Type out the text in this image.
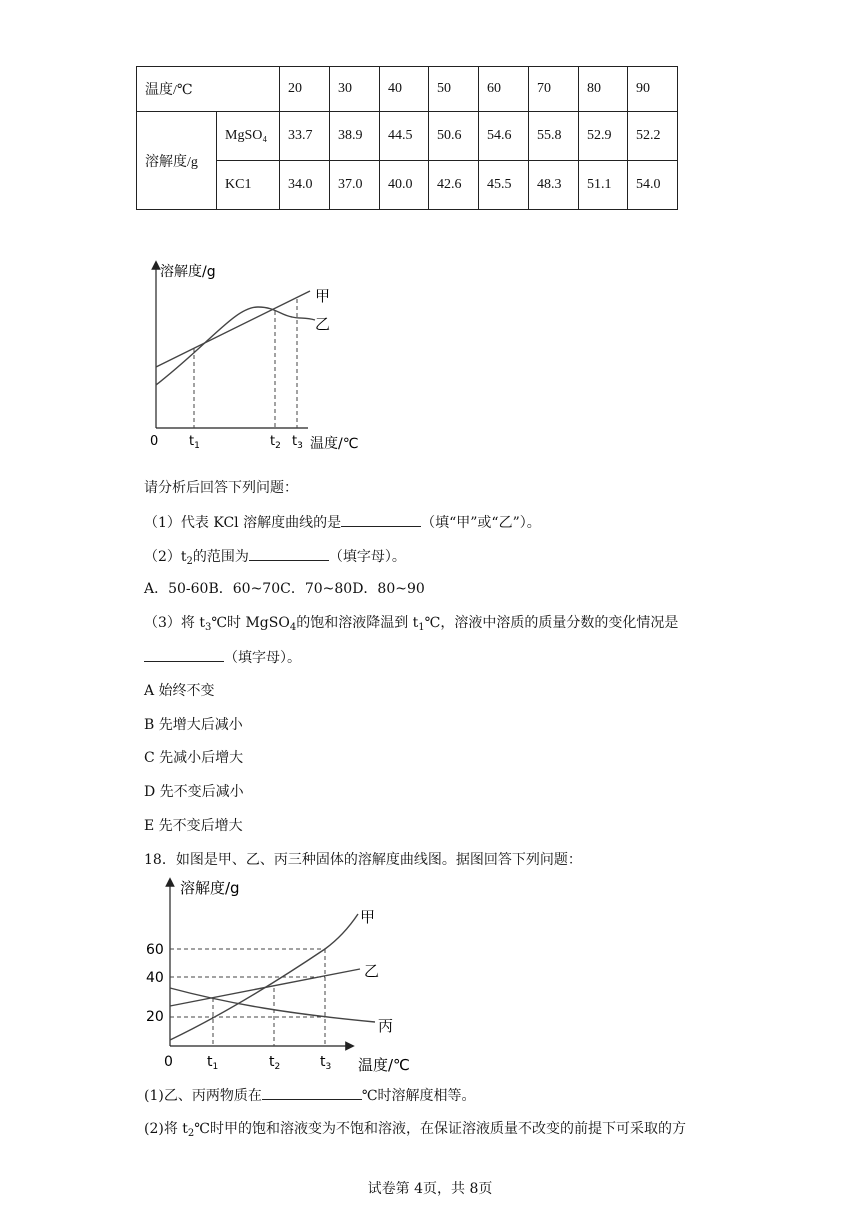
温度/℃		20	30	40	50	60	70	80	90
溶解度/g	MgSO₄	33.7	38.9	44.5	50.6	54.6	55.8	52.9	52.2
	KC1	34.0	37.0	40.0	42.6	45.5	48.3	51.1	54.0
溶解度/g
温度/℃
0 $t_1$	$t_2$ $t_3$
甲
乙
请分析后回答下列问题：
（1）代表 KCl 溶解度曲线的是	（填“甲”或“乙”）。
$(2)t_2$的范围为	（填字母）。
A．50-60B．60~70C．70~80D．80~90
（3）将 $t_3℃$时 MgSO$_4$的饱和溶液降温到 $t_1℃$，溶液中溶质的质量分数的变化情况是
（填字母）。
A 始终不变
B 先增大后减小
C 先减小后增大
D 先不变后减小
E 先不变后增大
18．如图是甲、乙、丙三种固体的溶解度曲线图。据图回答下列问题：
溶解度/g
温度/℃
0
60
40
20
$t_1$	$t_2$	$t_3$
甲
乙
丙
(1)乙、丙两物质在	℃时溶解度相等。
(2)将 $t_2℃$时甲的饱和溶液变为不饱和溶液，在保证溶液质量不改变的前提下可采取的方
试卷第 4页，共 8页
